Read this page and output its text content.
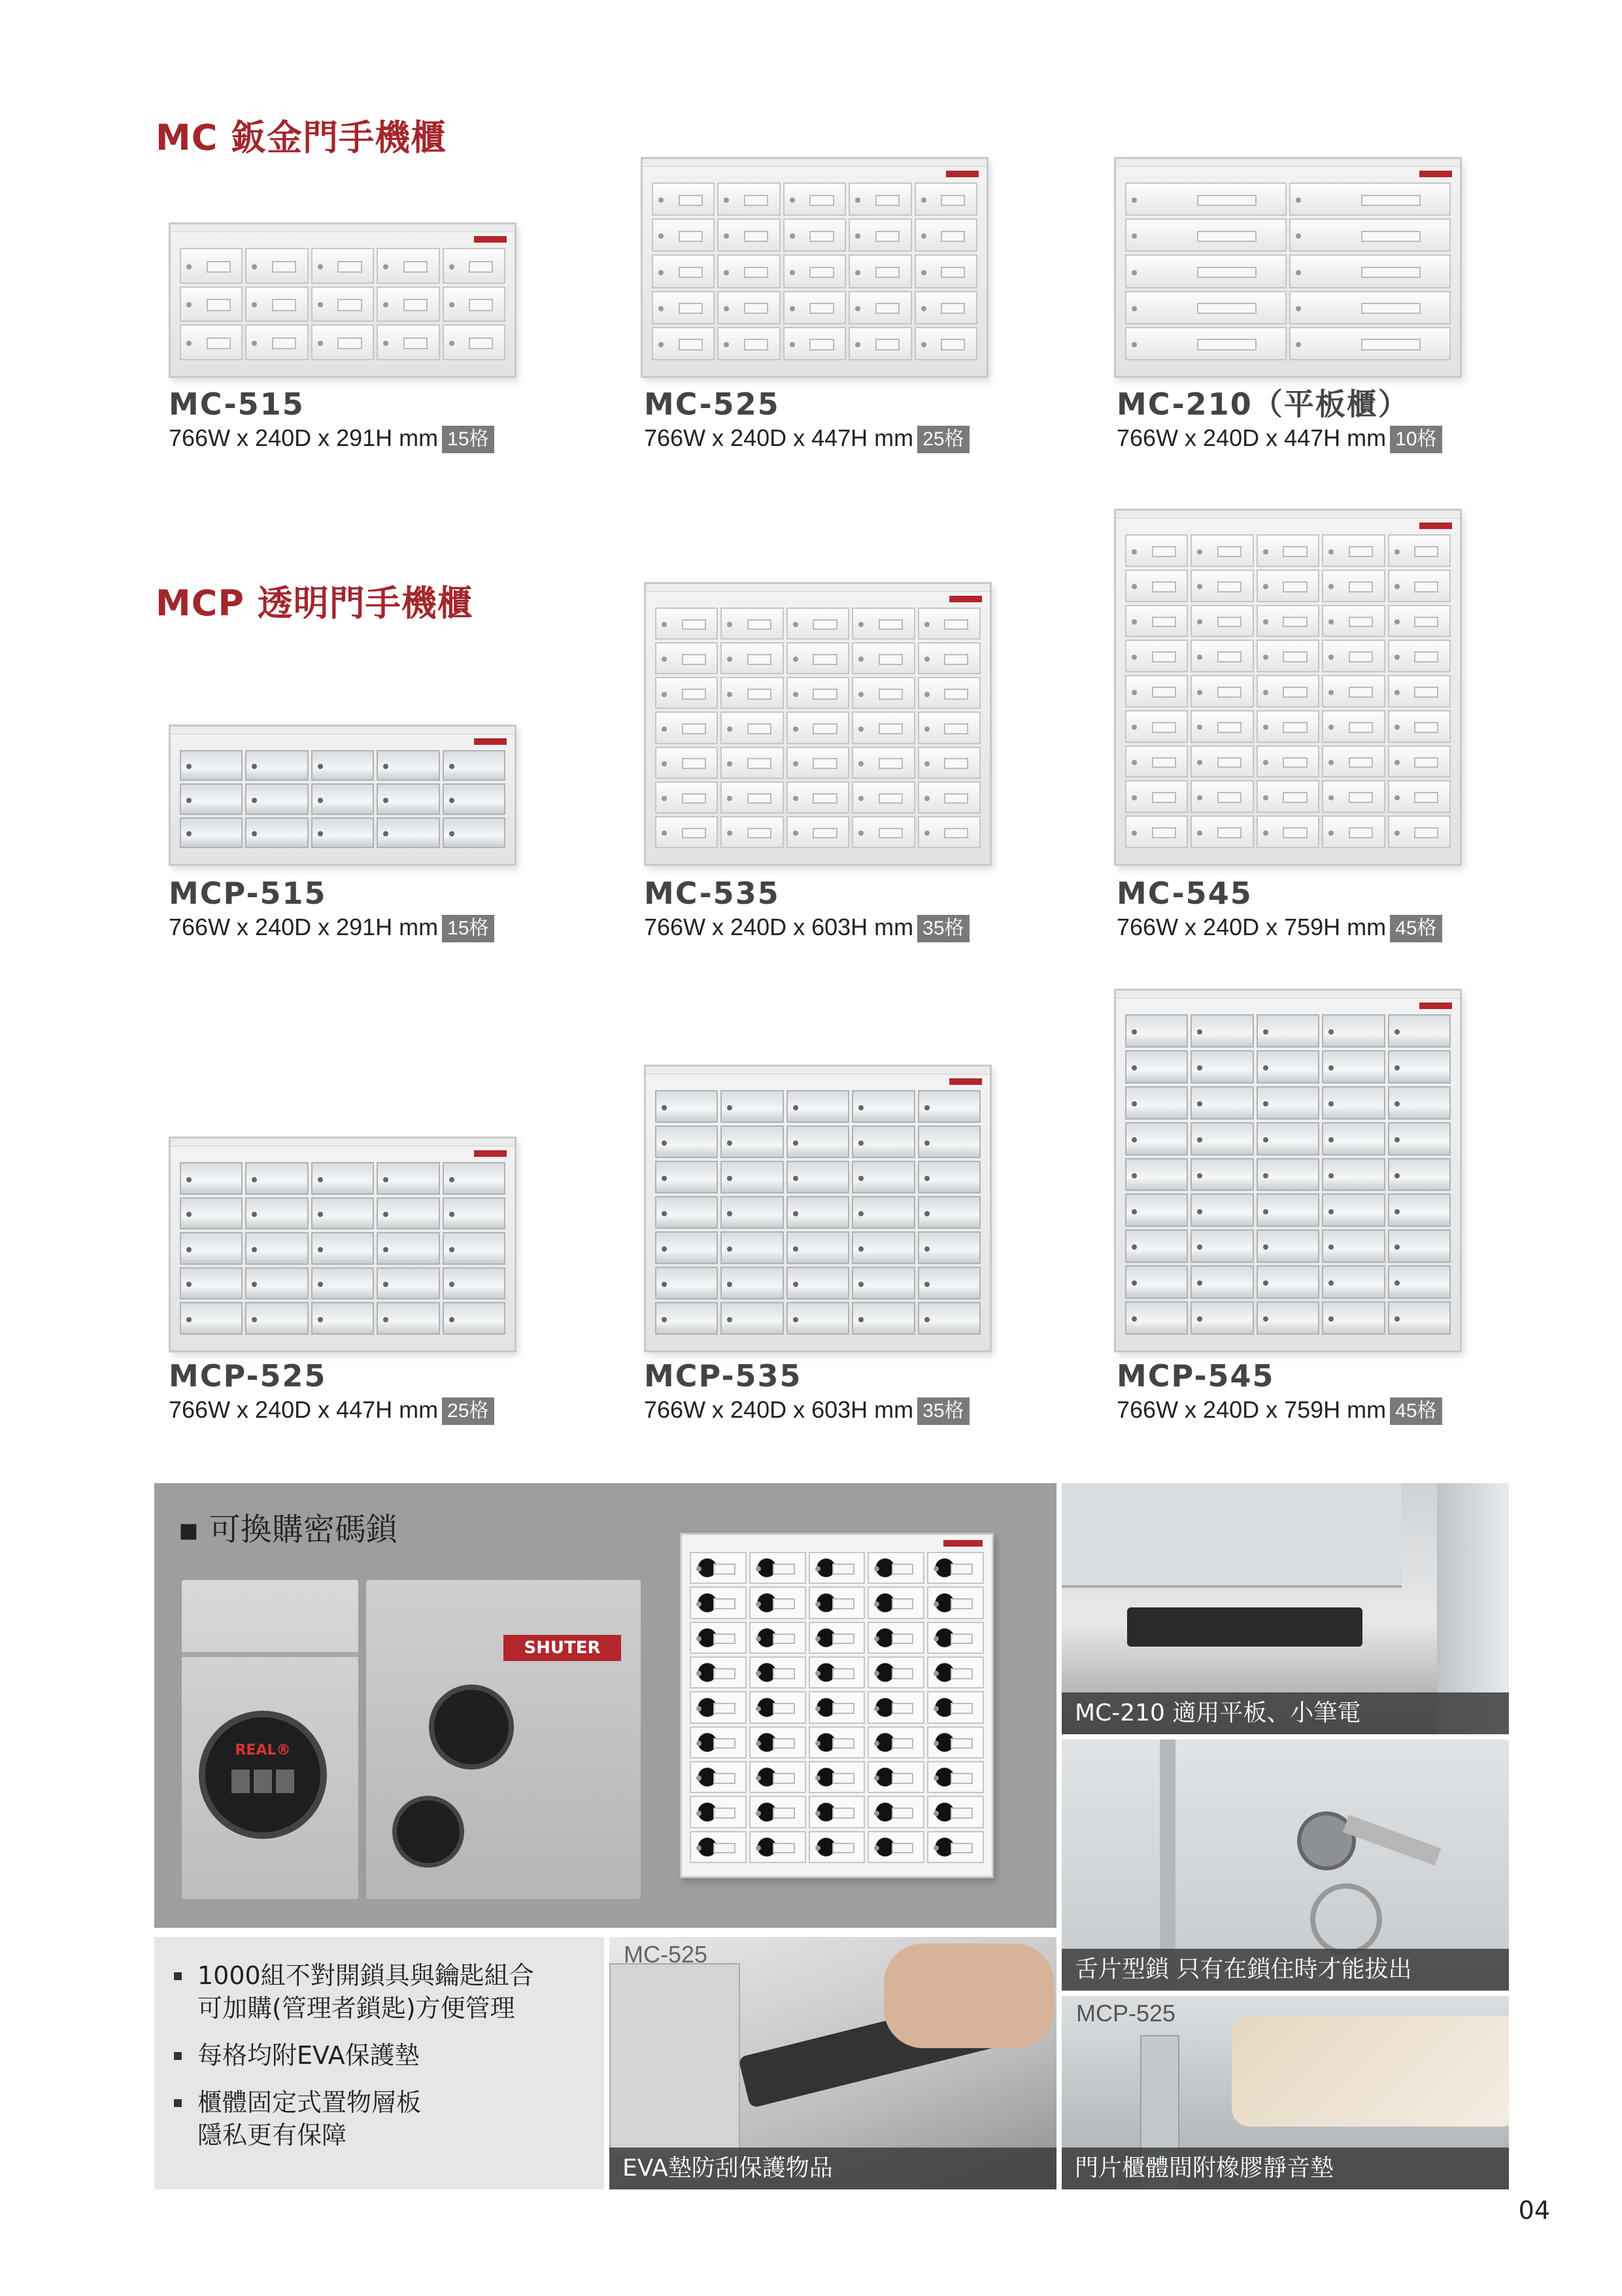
MC 鈑金門手機櫃
MCP 透明門手機櫃
MC-515
766W x 240D x 291H mm 15格
MC-525
766W x 240D x 447H mm 25格
MC-210（平板櫃）
766W x 240D x 447H mm 10格
MCP-515
766W x 240D x 291H mm 15格
MC-535
766W x 240D x 603H mm 35格
MC-545
766W x 240D x 759H mm 45格
MCP-525
766W x 240D x 447H mm 25格
MCP-535
766W x 240D x 603H mm 35格
MCP-545
766W x 240D x 759H mm 45格
▪ 可換購密碼鎖
REAL®
SHUTER
1000組不對開鎖具與鑰匙組合
可加購(管理者鎖匙)方便管理
每格均附EVA保護墊
櫃體固定式置物層板
隱私更有保障
MC-525
EVA墊防刮保護物品
MC-210 適用平板、小筆電
舌片型鎖 只有在鎖住時才能拔出
MCP-525
門片櫃體間附橡膠靜音墊
04
